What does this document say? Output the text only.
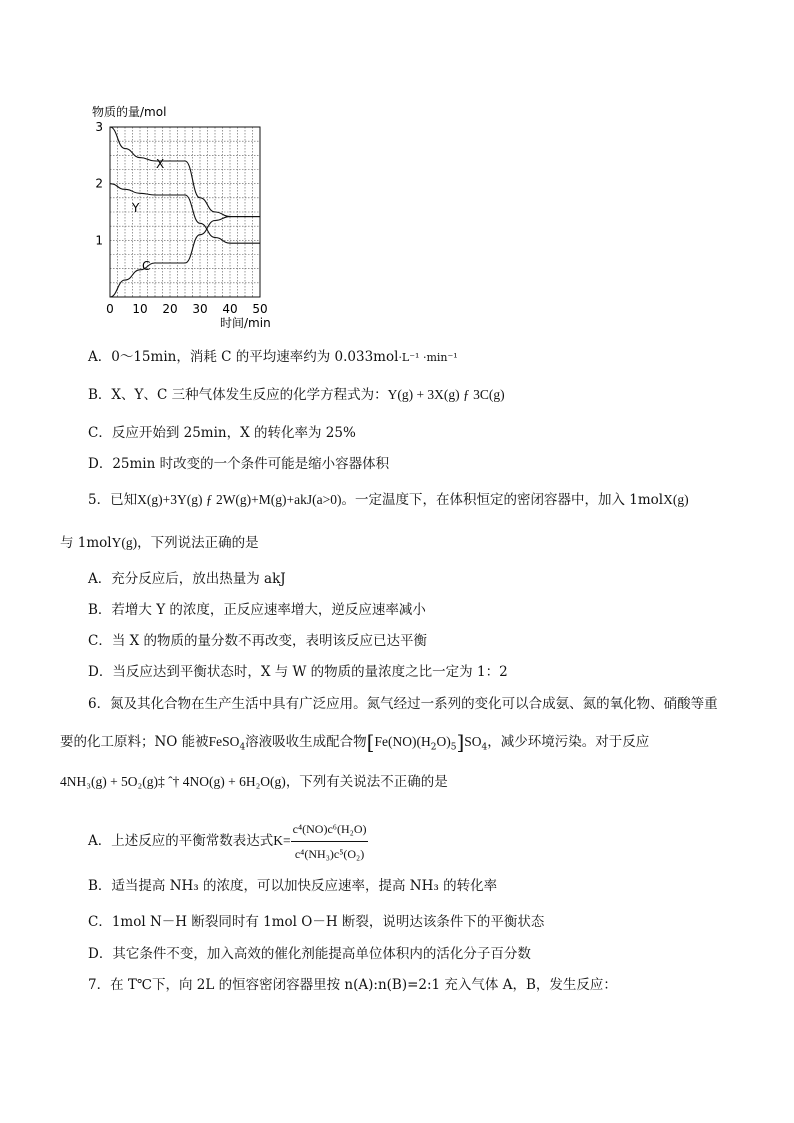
物质的量/mol
时间/min
0 10 20 30 40 50
3
2
1
X
Y
C
A．0～15min，消耗 C 的平均速率约为 0.033mol·L⁻¹ ·min⁻¹
B．X、Y、C 三种气体发生反应的化学方程式为：Y(g) + 3X(g) ƒ 3C(g)
C．反应开始到 25min，X 的转化率为 25%
D．25min 时改变的一个条件可能是缩小容器体积
5．已知X(g)+3Y(g) ƒ 2W(g)+M(g)+akJ(a>0)。一定温度下，在体积恒定的密闭容器中，加入 1molX(g)
与 1molY(g)，下列说法正确的是
A．充分反应后，放出热量为 akJ
B．若增大 Y 的浓度，正反应速率增大，逆反应速率减小
C．当 X 的物质的量分数不再改变，表明该反应已达平衡
D．当反应达到平衡状态时，X 与 W 的物质的量浓度之比一定为 1：2
6．氮及其化合物在生产生活中具有广泛应用。氮气经过一系列的变化可以合成氨、氮的氧化物、硝酸等重
要的化工原料；NO 能被FeSO$_4$溶液吸收生成配合物$[Fe(NO)(H_2O)_5]SO_4$，减少环境污染。对于反应
4NH₃(g) + 5O₂(g)‡ ˆ† 4NO(g) + 6H₂O(g)，下列有关说法不正确的是
A．上述反应的平衡常数表达式$K= \frac{\text{c⁴(NO)c⁶(H₂O)}}{\text{c⁴(NH₃)c⁵(O₂)}}$
B．适当提高 NH₃ 的浓度，可以加快反应速率，提高 NH₃ 的转化率
C．1mol N－H 断裂同时有 1mol O－H 断裂，说明达该条件下的平衡状态
D．其它条件不变，加入高效的催化剂能提高单位体积内的活化分子百分数
7．在 T℃下，向 2L 的恒容密闭容器里按 n(A):n(B)=2:1 充入气体 A，B，发生反应：
